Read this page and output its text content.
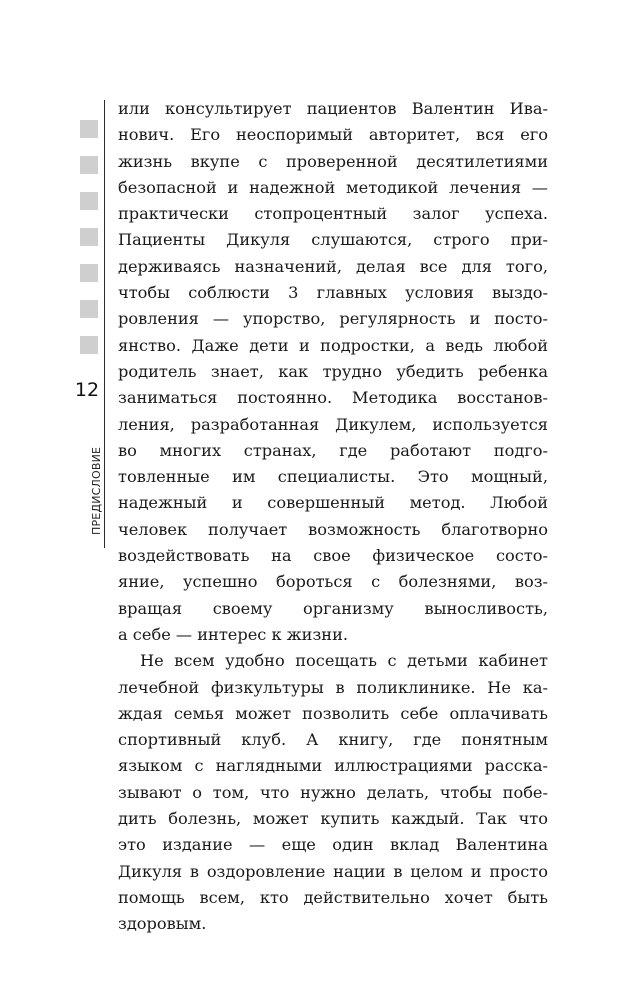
12
ПРЕДИСЛОВИЕ
или консультирует пациентов Валентин Ива-
нович. Его неоспоримый авторитет, вся его
жизнь вкупе с проверенной десятилетиями
безопасной и надежной методикой лечения —
практически стопроцентный залог успеха.
Пациенты Дикуля слушаются, строго при-
держиваясь назначений, делая все для того,
чтобы соблюсти 3 главных условия выздо-
ровления — упорство, регулярность и посто-
янство. Даже дети и подростки, а ведь любой
родитель знает, как трудно убедить ребенка
заниматься постоянно. Методика восстанов-
ления, разработанная Дикулем, используется
во многих странах, где работают подго-
товленные им специалисты. Это мощный,
надежный и совершенный метод. Любой
человек получает возможность благотворно
воздействовать на свое физическое состо-
яние, успешно бороться с болезнями, воз-
вращая своему организму выносливость,
а себе — интерес к жизни.
Не всем удобно посещать с детьми кабинет
лечебной физкультуры в поликлинике. Не ка-
ждая семья может позволить себе оплачивать
спортивный клуб. А книгу, где понятным
языком с наглядными иллюстрациями расска-
зывают о том, что нужно делать, чтобы побе-
дить болезнь, может купить каждый. Так что
это издание — еще один вклад Валентина
Дикуля в оздоровление нации в целом и просто
помощь всем, кто действительно хочет быть
здоровым.
